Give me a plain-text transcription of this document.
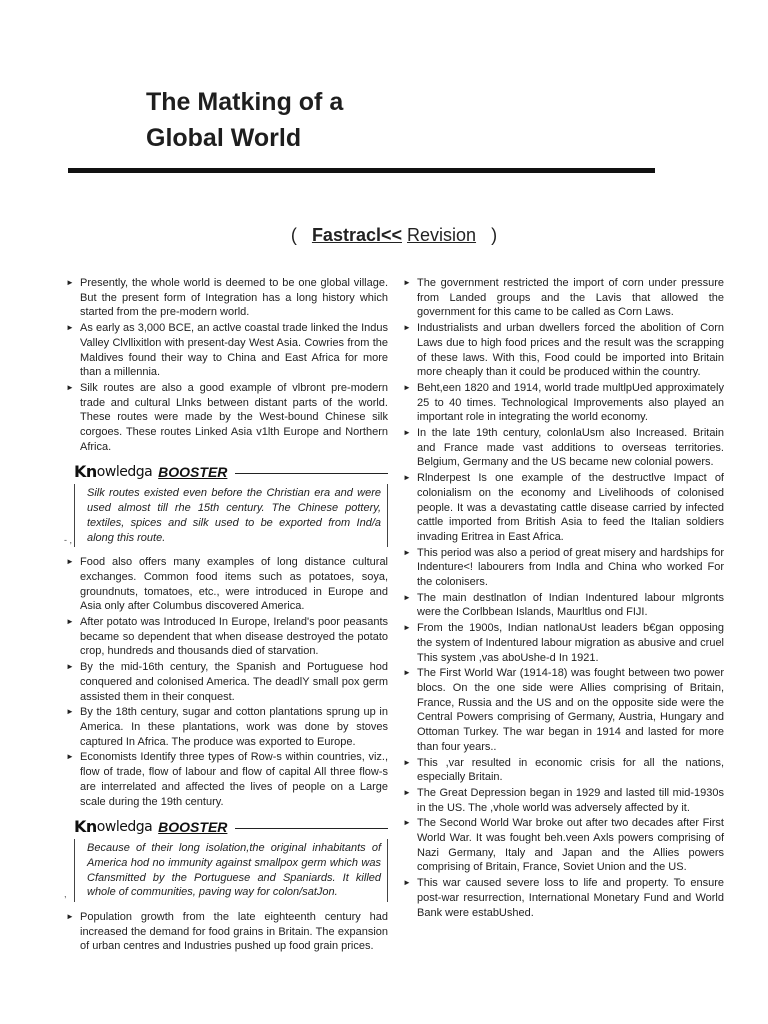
The Matking of a
Global World
( Fastracl<< Revision )
► Presently, the whole world is deemed to be one global village. But the present form of Integration has a long history which started from the pre-modern world.
► As early as 3,000 BCE, an actlve coastal trade linked the Indus Valley Clvllixitlon with present-day West Asia. Cowries from the Maldives found their way to China and East Africa for more than a millennia.
► Silk routes are also a good example of vlbront pre-modern trade and cultural Llnks between distant parts of the world. These routes were made by the West-bound Chinese silk corgoes. These routes Linked Asia v1lth Europe and Northern Africa.
Kn owledga BOOSTER
Silk routes existed even before the Christian era and were used almost till rhe 15th century. The Chinese pottery, textiles, spices and silk used to be exported from Ind/a along this route.
- ,
► Food also offers many examples of long distance cultural exchanges. Common food items such as potatoes, soya, groundnuts, tomatoes, etc., were introduced in Europe and Asia only after Columbus discovered America.
► After potato was Introduced In Europe, Ireland's poor peasants became so dependent that when disease destroyed the potato crop, hundreds and thousands died of starvation.
► By the mid-16th century, the Spanish and Portuguese hod conquered and colonised America. The deadlY small pox germ assisted them in their conquest.
► By the 18th century, sugar and cotton plantations sprung up in America. In these plantations, work was done by stoves captured In Africa. The produce was exported to Europe.
► Economists Identify three types of Row-s within countries, viz., flow of trade, flow of labour and flow of capital All three flow-s are interrelated and affected the lives of people on a Large scale during the 19th century.
Kn owledga BOOSTER
Because of their long isolation,the original inhabitants of America hod no immunity against smallpox germ which was Cfansmitted by the Portuguese and Spaniards. It killed whole of communities, paving way for colon/satJon.
,
► Population growth from the late eighteenth century had increased the demand for food grains in Britain. The expansion of urban centres and Industries pushed up food grain prices.
► The government restricted the import of corn under pressure from Landed groups and the Lavis that allowed the government for this came to be called as Corn Laws.
► Industrialists and urban dwellers forced the abolition of Corn Laws due to high food prices and the result was the scrapping of these laws. With this, Food could be imported into Britain more cheaply than it could be produced within the country.
► Beht,een 1820 and 1914, world trade multlpUed approximately 25 to 40 times. Technological Improvements also played an important role in integrating the world economy.
► In the late 19th century, colonlaUsm also Increased. Britain and France made vast additions to overseas territories. Belgium, Germany and the US became new colonial powers.
► Rlnderpest Is one example of the destructlve Impact of colonialism on the economy and Livelihoods of colonised people. It was a devastating cattle disease carried by infected cattle imported from British Asia to feed the Italian soldiers invading Eritrea in East Africa.
► This period was also a period of great misery and hardships for Indenture<! labourers from Indla and China who worked For the colonisers.
► The main destlnatlon of Indian Indentured labour mlgronts were the Corlbbean Islands, Maurltlus ond FIJI.
► From the 1900s, Indian natlonaUst leaders b€gan opposing the system of Indentured labour migration as abusive and cruel This system ,vas aboUshe-d In 1921.
► The First World War (1914-18) was fought between two power blocs. On the one side were Allies comprising of Britain, France, Russia and the US and on the opposite side were the Central Powers comprising of Germany, Austria, Hungary and Ottoman Turkey. The war began in 1914 and lasted for more than four years..
► This ,var resulted in economic crisis for all the nations, especially Britain.
► The Great Depression began in 1929 and lasted till mid-1930s in the US. The ,vhole world was adversely affected by it.
► The Second World War broke out after two decades after First World War. It was fought beh.veen Axls powers comprising of Nazi Germany, Italy and Japan and the Allies powers comprising of Britain, France, Soviet Union and the US.
► This war caused severe loss to life and property. To ensure post-war resurrection, International Monetary Fund and World Bank were estabUshed.
